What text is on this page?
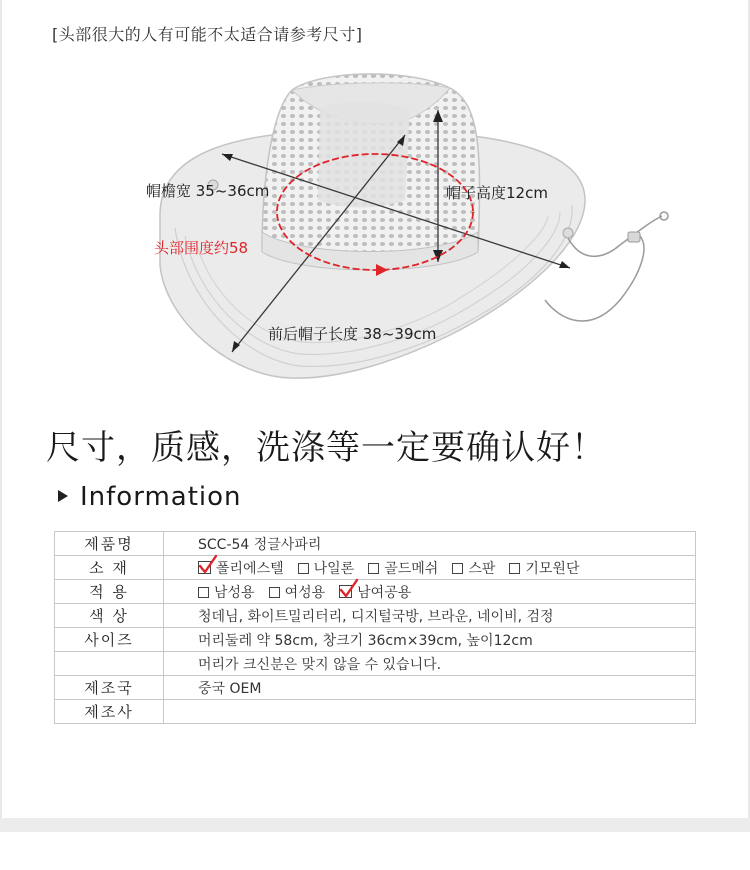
[头部很大的人有可能不太适合请参考尺寸]
帽檐宽 35~36cm	帽子高度12cm
头部围度约58
前后帽子长度 38~39cm
尺寸，质感，洗涤等一定要确认好！
Information
제품명	SCC-54 정글사파리
소 재	폴리에스텔 나일론 골드메쉬 스판 기모원단
적 용	남성용 여성용 남여공용
색 상	청데님, 화이트밀리터리, 디지털국방, 브라운, 네이비, 검정
사이즈	머리둘레 약 58cm, 창크기 36cm×39cm, 높이12cm
	머리가 크신분은 맞지 않을 수 있습니다.
제조국	중국 OEM
제조사	
